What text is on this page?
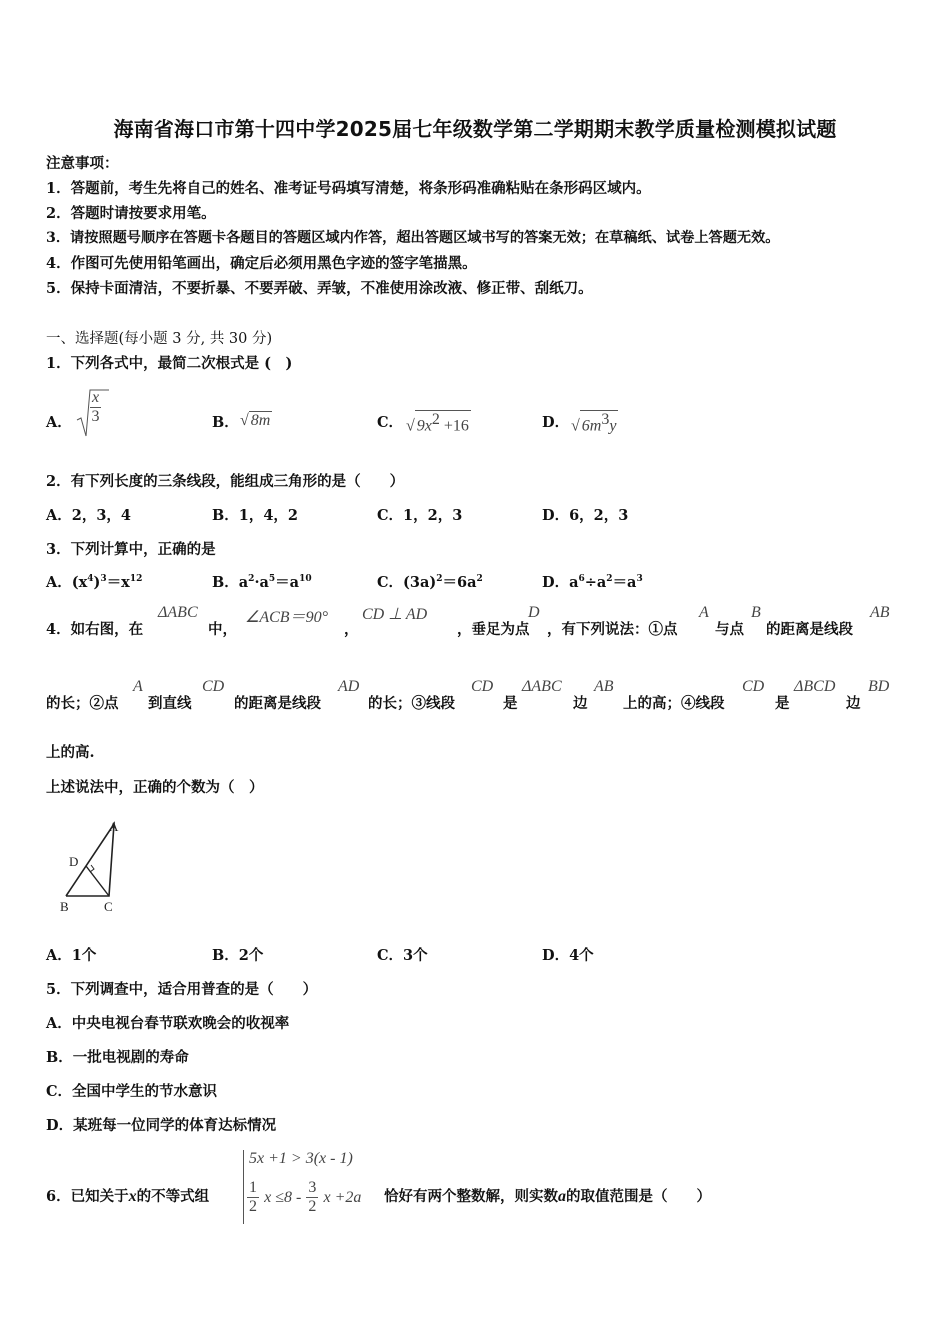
海南省海口市第十四中学2025届七年级数学第二学期期末教学质量检测模拟试题
注意事项：
1．答题前，考生先将自己的姓名、准考证号码填写清楚，将条形码准确粘贴在条形码区域内。
2．答题时请按要求用笔。
3．请按照题号顺序在答题卡各题目的答题区域内作答，超出答题区域书写的答案无效；在草稿纸、试卷上答题无效。
4．作图可先使用铅笔画出，确定后必须用黑色字迹的签字笔描黑。
5．保持卡面清洁，不要折暴、不要弄破、弄皱，不准使用涂改液、修正带、刮纸刀。
一、选择题(每小题 3 分, 共 30 分)
1．下列各式中，最简二次根式是 (　)
A． $\frac{x}{3}$	B． √ 8m	C． √ $9x^2 +16$	D． √ $6m^3y$
2．有下列长度的三条线段，能组成三角形的是（　　）
A．2，3，4	B．1，4，2	C．1，2，3	D．6，2，3
3．下列计算中，正确的是
A．$(x^4)^3=x^{12}$	B．$a^2\cdot a^5=a^{10}$	C．$(3a)^2=6a^2$	D．$a^6\div a^2=a^3$
4．如右图，在
ΔABC
中，
∠ACB＝90°
，
CD ⊥ AD
，垂足为点
D
，有下列说法：①点
A
与点
B
的距离是线段
AB
的长；②点
A
到直线
CD
的距离是线段
AD
的长；③线段
CD
是
ΔABC
边
AB
上的高；④线段
CD
是
ΔBCD
边
BD
上的高.
上述说法中，正确的个数为（　）
A
D
B	C
A．1个	B．2个	C．3个	D．4个
5．下列调查中，适合用普查的是（　　）
A．中央电视台春节联欢晚会的收视率
B．一批电视剧的寿命
C．全国中学生的节水意识
D．某班每一位同学的体育达标情况
6．已知关于x的不等式组
5x +1 > 3(x - 1)
$\frac{1}{2}$ $x \le 8 - \frac{3}{2}$ x +2a 恰好有两个整数解，则实数a的取值范围是（　　）
